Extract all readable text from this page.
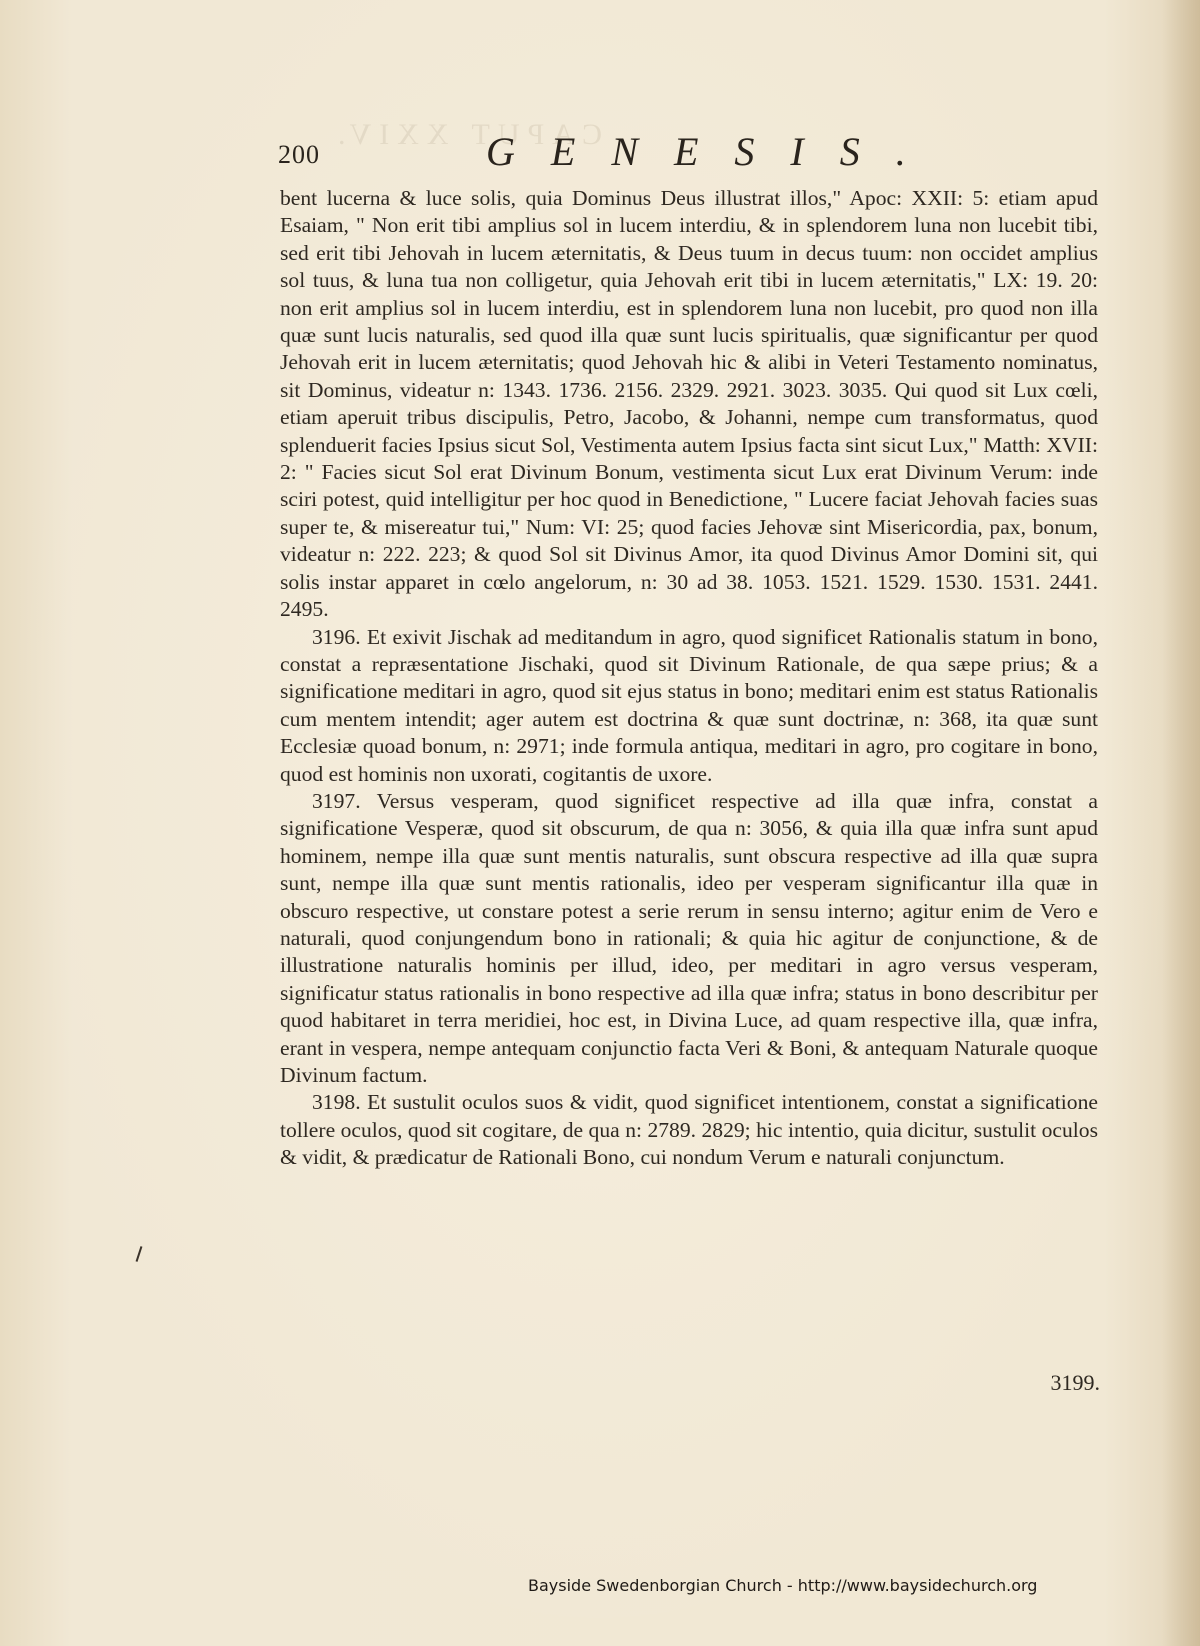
CAPUT XXIV.
200	GENESIS.

bent lucerna & luce solis, quia Dominus Deus illustrat illos," Apoc: XXII: 5: etiam apud Esaiam, " Non erit tibi amplius sol in lucem interdiu, & in splendorem luna non lucebit tibi, sed erit tibi Jehovah in lucem æternitatis, & Deus tuum in decus tuum: non occidet amplius sol tuus, & luna tua non colligetur, quia Jehovah erit tibi in lucem æternitatis," LX: 19. 20: non erit amplius sol in lucem interdiu, est in splendorem luna non lucebit, pro quod non illa quæ sunt lucis naturalis, sed quod illa quæ sunt lucis spiritualis, quæ significantur per quod Jehovah erit in lucem æternitatis; quod Jehovah hic & alibi in Veteri Testamento nominatus, sit Dominus, videatur n: 1343. 1736. 2156. 2329. 2921. 3023. 3035. Qui quod sit Lux cœli, etiam aperuit tribus discipulis, Petro, Jacobo, & Johanni, nempe cum transformatus, quod splenduerit facies Ipsius sicut Sol, Vestimenta autem Ipsius facta sint sicut Lux," Matth: XVII: 2: " Facies sicut Sol erat Divinum Bonum, vestimenta sicut Lux erat Divinum Verum: inde sciri potest, quid intelligitur per hoc quod in Benedictione, " Lucere faciat Jehovah facies suas super te, & misereatur tui," Num: VI: 25; quod facies Jehovæ sint Misericordia, pax, bonum, videatur n: 222. 223; & quod Sol sit Divinus Amor, ita quod Divinus Amor Domini sit, qui solis instar apparet in cœlo angelorum, n: 30 ad 38. 1053. 1521. 1529. 1530. 1531. 2441. 2495.

3196. Et exivit Jischak ad meditandum in agro, quod significet Rationalis statum in bono, constat a repræsentatione Jischaki, quod sit Divinum Rationale, de qua sæpe prius; & a significatione meditari in agro, quod sit ejus status in bono; meditari enim est status Rationalis cum mentem intendit; ager autem est doctrina & quæ sunt doctrinæ, n: 368, ita quæ sunt Ecclesiæ quoad bonum, n: 2971; inde formula antiqua, meditari in agro, pro cogitare in bono, quod est hominis non uxorati, cogitantis de uxore.

3197. Versus vesperam, quod significet respective ad illa quæ infra, constat a significatione Vesperæ, quod sit obscurum, de qua n: 3056, & quia illa quæ infra sunt apud hominem, nempe illa quæ sunt mentis naturalis, sunt obscura respective ad illa quæ supra sunt, nempe illa quæ sunt mentis rationalis, ideo per vesperam significantur illa quæ in obscuro respective, ut constare potest a serie rerum in sensu interno; agitur enim de Vero e naturali, quod conjungendum bono in rationali; & quia hic agitur de conjunctione, & de illustratione naturalis hominis per illud, ideo, per meditari in agro versus vesperam, significatur status rationalis in bono respective ad illa quæ infra; status in bono describitur per quod habitaret in terra meridiei, hoc est, in Divina Luce, ad quam respective illa, quæ infra, erant in vespera, nempe antequam conjunctio facta Veri & Boni, & antequam Naturale quoque Divinum factum.

3198. Et sustulit oculos suos & vidit, quod significet intentionem, constat a significatione tollere oculos, quod sit cogitare, de qua n: 2789. 2829; hic intentio, quia dicitur, sustulit oculos & vidit, & prædicatur de Rationali Bono, cui nondum Verum e naturali conjunctum.

3199.
Bayside Swedenborgian Church - http://www.baysidechurch.org
